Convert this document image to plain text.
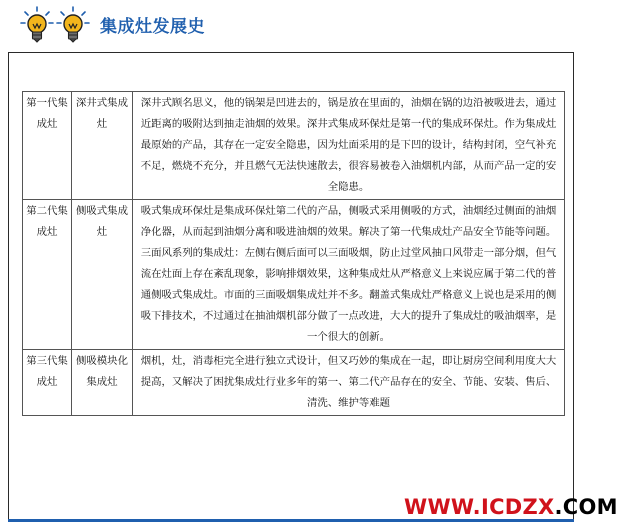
集成灶发展史
第一代集成灶	深井式集成灶	深井式顾名思义，他的锅架是凹进去的，锅是放在里面的，油烟在锅的边沿被吸进去，通过近距离的吸附达到抽走油烟的效果。深井式集成环保灶是第一代的集成环保灶。作为集成灶最原始的产品，其存在一定安全隐患，因为灶面采用的是下凹的设计，结构封闭，空气补充不足，燃烧不充分，并且燃气无法快速散去，很容易被卷入油烟机内部，从而产品一定的安全隐患。
第二代集成灶	侧吸式集成灶	吸式集成环保灶是集成环保灶第二代的产品，侧吸式采用侧吸的方式，油烟经过侧面的油烟净化器，从而起到油烟分离和吸进油烟的效果。解决了第一代集成灶产品安全节能等问题。三面风系列的集成灶：左侧右侧后面可以三面吸烟，防止过堂风抽口风带走一部分烟，但气流在灶面上存在紊乱现象，影响排烟效果，这种集成灶从严格意义上来说应属于第二代的普通侧吸式集成灶。市面的三面吸烟集成灶并不多。翻盖式集成灶严格意义上说也是采用的侧吸下排技术，不过通过在抽油烟机部分做了一点改进，大大的提升了集成灶的吸油烟率，是一个很大的创新。
第三代集成灶	侧吸模块化集成灶	烟机，灶，消毒柜完全进行独立式设计，但又巧妙的集成在一起，即让厨房空间利用度大大提高，又解决了困扰集成灶行业多年的第一、第二代产品存在的安全、节能、安装、售后、清洗、维护等难题
WWW.ICDZX.COM
